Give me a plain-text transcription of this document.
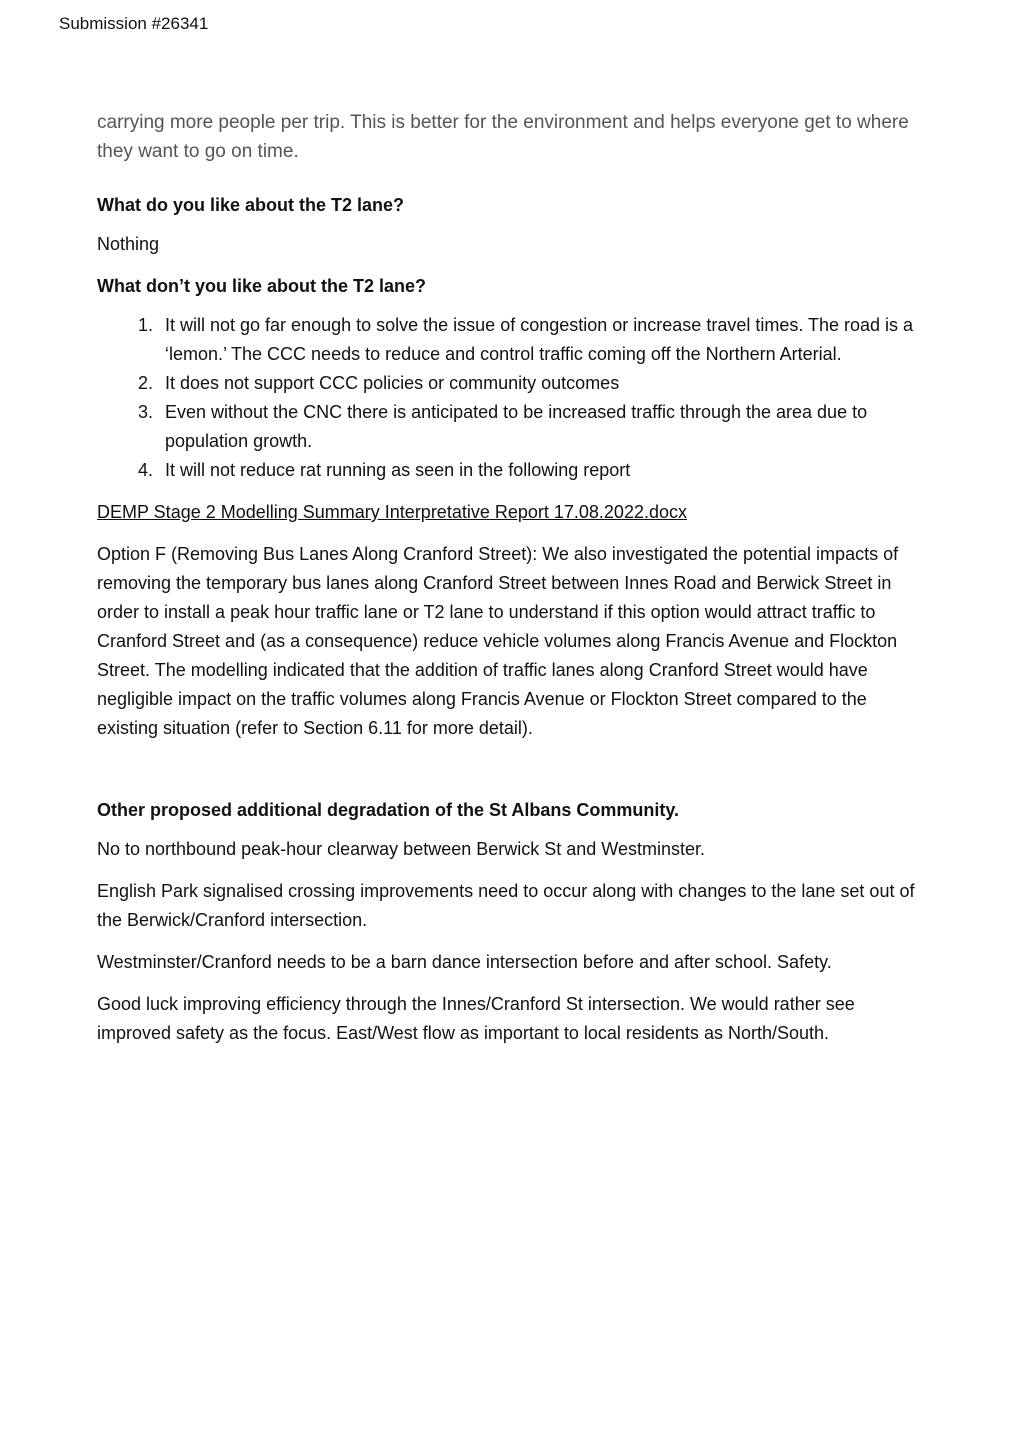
Submission #26341

carrying more people per trip. This is better for the environment and helps everyone get to where they want to go on time.

What do you like about the T2 lane?

Nothing

What don’t you like about the T2 lane?

1. It will not go far enough to solve the issue of congestion or increase travel times. The road is a ‘lemon.’ The CCC needs to reduce and control traffic coming off the Northern Arterial.
2. It does not support CCC policies or community outcomes
3. Even without the CNC there is anticipated to be increased traffic through the area due to population growth.
4. It will not reduce rat running as seen in the following report

DEMP Stage 2 Modelling Summary Interpretative Report 17.08.2022.docx

Option F (Removing Bus Lanes Along Cranford Street): We also investigated the potential impacts of removing the temporary bus lanes along Cranford Street between Innes Road and Berwick Street in order to install a peak hour traffic lane or T2 lane to understand if this option would attract traffic to Cranford Street and (as a consequence) reduce vehicle volumes along Francis Avenue and Flockton Street. The modelling indicated that the addition of traffic lanes along Cranford Street would have negligible impact on the traffic volumes along Francis Avenue or Flockton Street compared to the existing situation (refer to Section 6.11 for more detail).

Other proposed additional degradation of the St Albans Community.

No to northbound peak-hour clearway between Berwick St and Westminster.

English Park signalised crossing improvements need to occur along with changes to the lane set out of the Berwick/Cranford intersection.

Westminster/Cranford needs to be a barn dance intersection before and after school. Safety.

Good luck improving efficiency through the Innes/Cranford St intersection. We would rather see improved safety as the focus. East/West flow as important to local residents as North/South.
